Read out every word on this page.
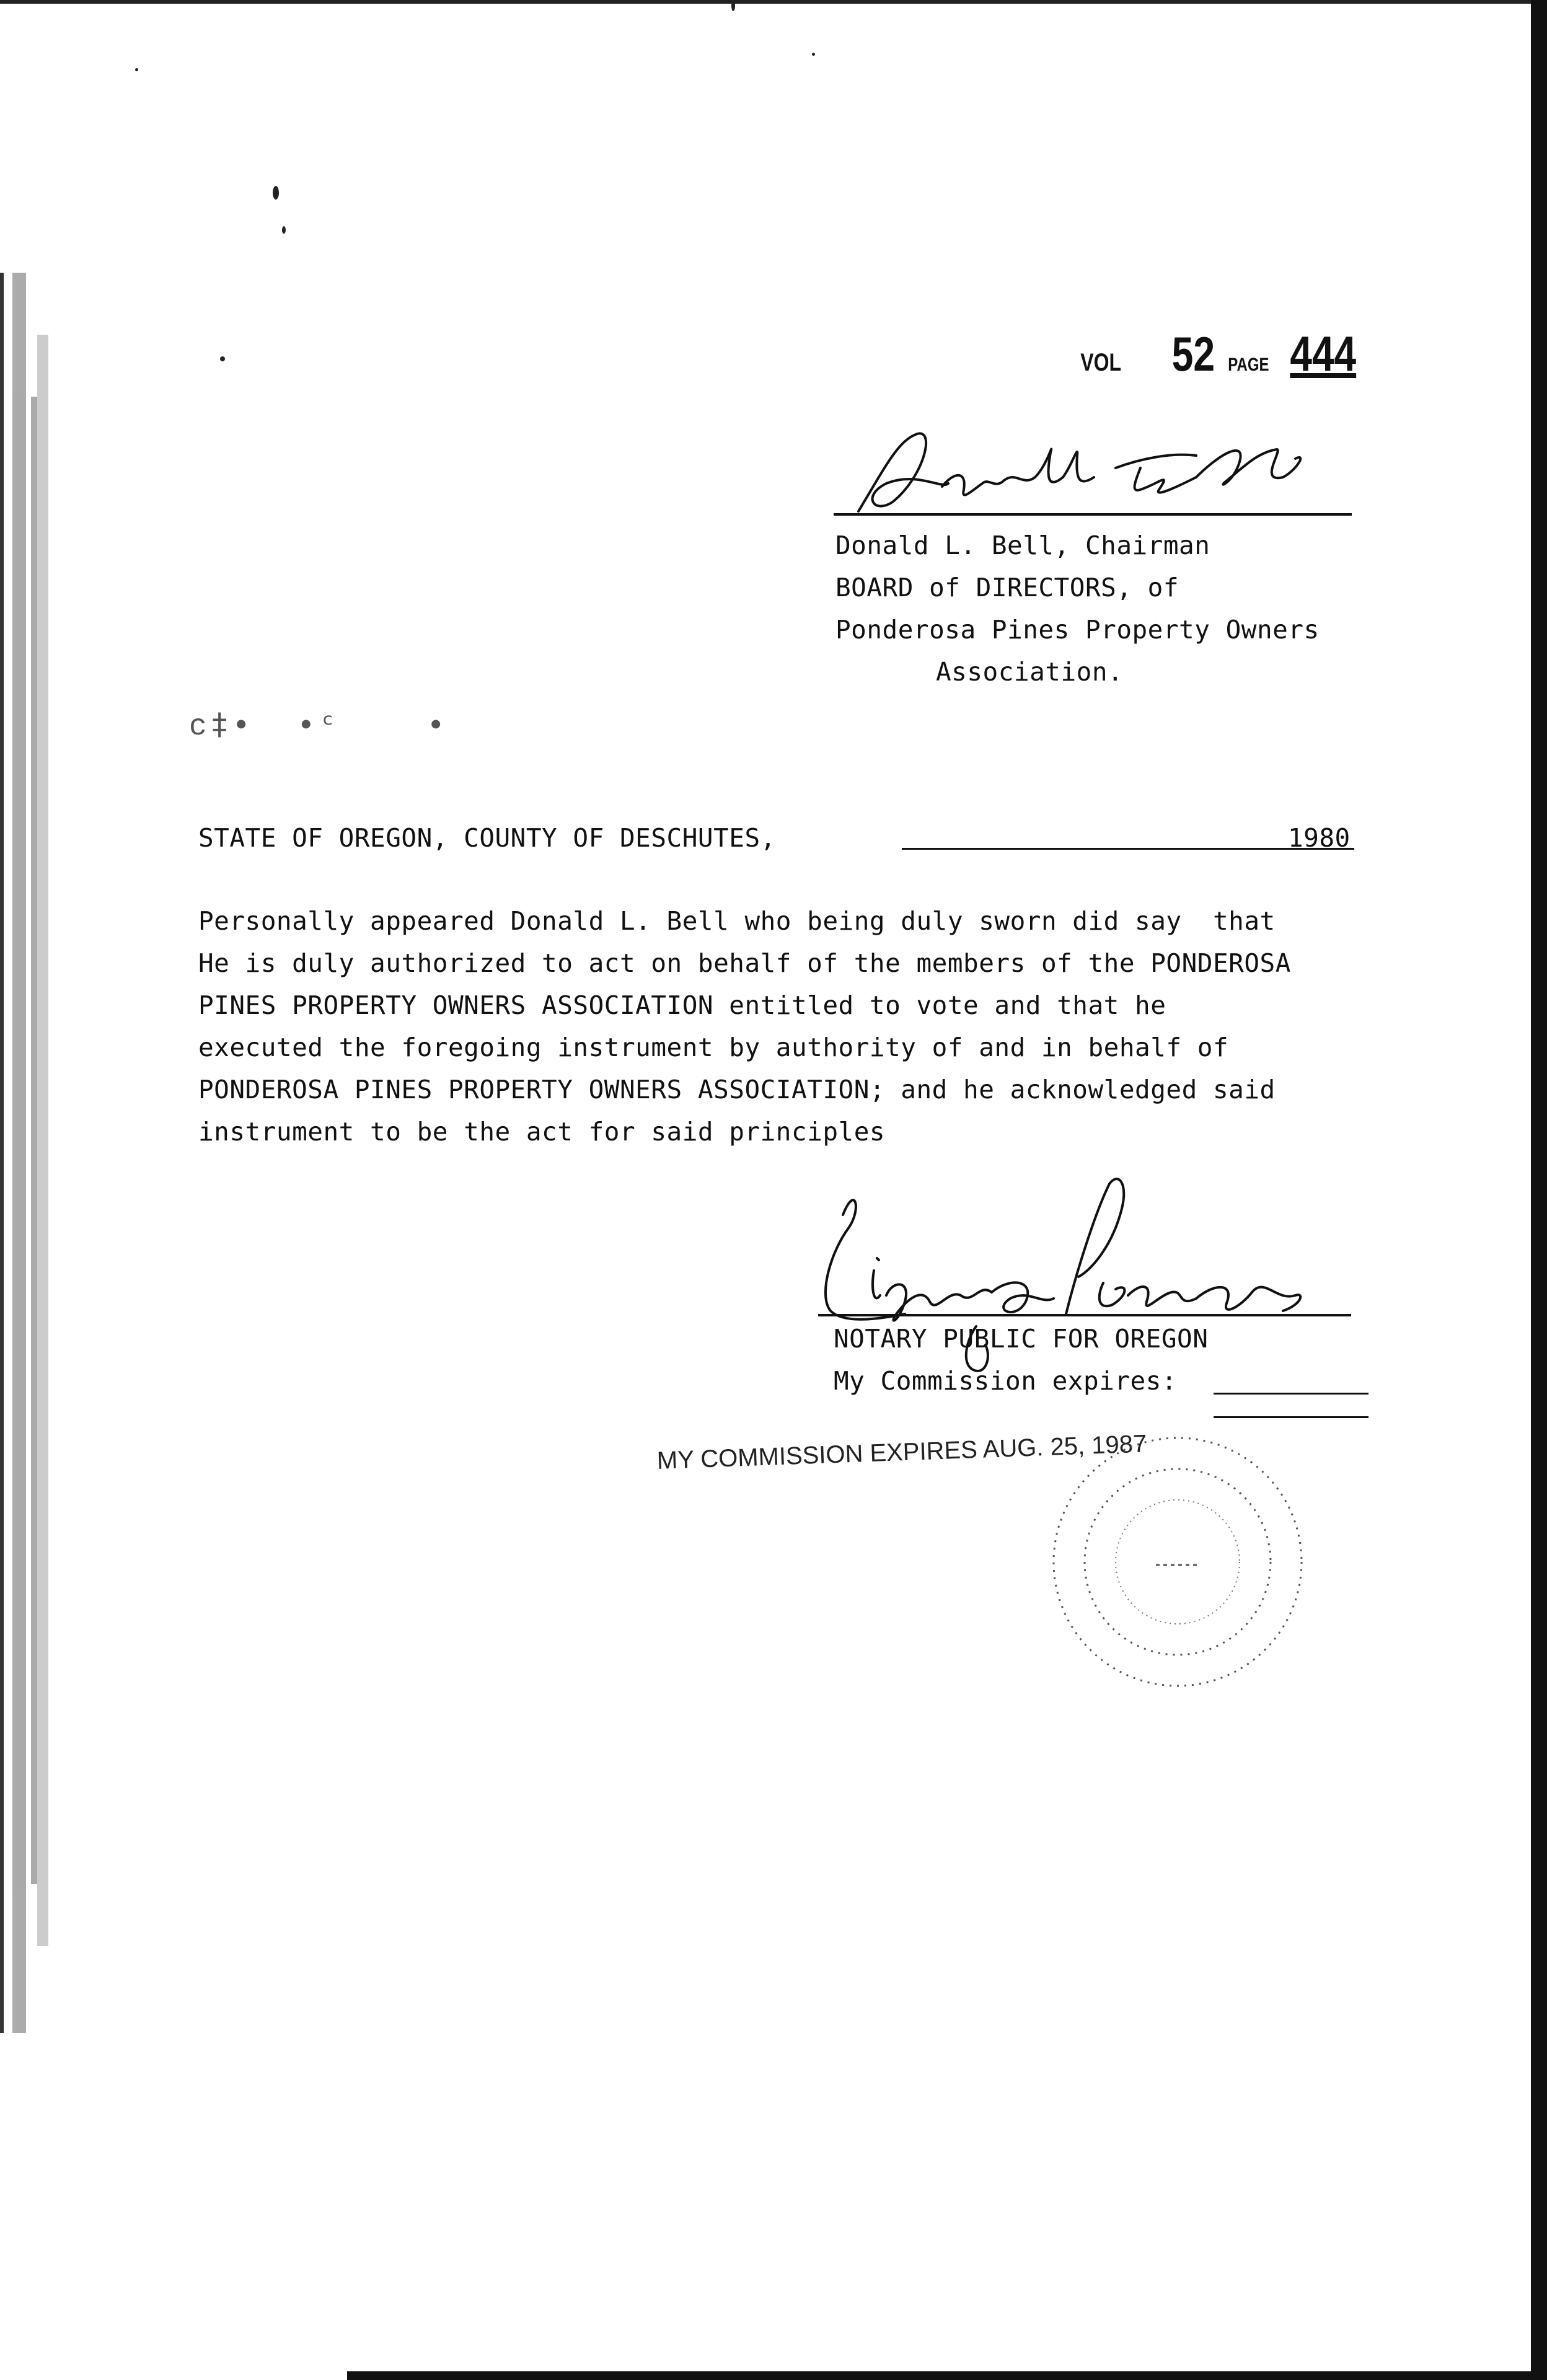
ᴄ‡∙  ∙ᶜ    ∙
VOL 52 PAGE 444
Donald L. Bell, Chairman
BOARD of DIRECTORS, of
Ponderosa Pines Property Owners
Association.
STATE OF OREGON, COUNTY OF DESCHUTES,	1980
Personally appeared Donald L. Bell who being duly sworn did say  that
He is duly authorized to act on behalf of the members of the PONDEROSA
PINES PROPERTY OWNERS ASSOCIATION entitled to vote and that he
executed the foregoing instrument by authority of and in behalf of
PONDEROSA PINES PROPERTY OWNERS ASSOCIATION; and he acknowledged said
instrument to be the act for said principles
NOTARY PUBLIC FOR OREGON
My Commission expires:
MY COMMISSION EXPIRES AUG. 25, 1987
